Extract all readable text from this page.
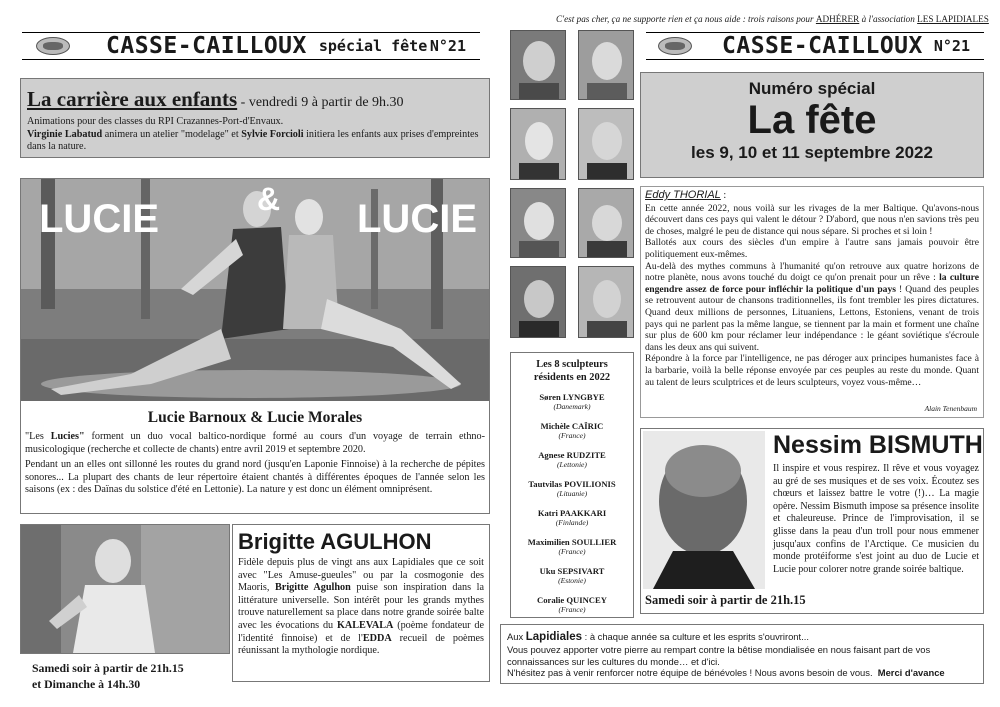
C'est pas cher, ça ne supporte rien et ça nous aide : trois raisons pour ADHÉRER à l'association LES LAPIDIALES
CASSE-CAILLOUX spécial fête N°21
La carrière aux enfants - vendredi 9 à partir de 9h.30
Animations pour des classes du RPI Crazannes-Port-d'Envaux.
Virginie Labatud animera un atelier "modelage" et Sylvie Forcioli initiera les enfants aux prises d'empreintes dans la nature.
LUCIE	& LUCIE
Lucie Barnoux & Lucie Morales
"Les Lucies" forment un duo vocal baltico-nordique formé au cours d'un voyage de terrain ethno-musicologique (recherche et collecte de chants) entre avril 2019 et septembre 2020.
Pendant un an elles ont sillonné les routes du grand nord (jusqu'en Laponie Finnoise) à la recherche de pépites sonores... La plupart des chants de leur répertoire étaient chantés à différentes époques de l'année selon les saisons (ex : des Daïnas du solstice d'été en Lettonie). La nature y est donc un élément omniprésent.
Samedi soir à partir de 21h.15
et Dimanche à 14h.30
Brigitte AGULHON
Fidèle depuis plus de vingt ans aux Lapidiales que ce soit avec "Les Amuse-gueules" ou par la cosmogonie des Maoris, Brigitte Agulhon puise son inspiration dans la littérature universelle. Son intérêt pour les grands mythes trouve naturellement sa place dans notre grande soirée balte avec les évocations du KALEVALA (poème fondateur de l'identité finnoise) et de l'EDDA recueil de poèmes réunissant la mythologie nordique.
Les 8 sculpteurs
résidents en 2022
Søren LYNGBYE
(Danemark)
Michèle CAÏRIC
(France)
Agnese RUDZITE
(Lettonie)
Tautvilas POVILIONIS
(Lituanie)
Katri PAAKKARI
(Finlande)
Maximilien SOULLIER
(France)
Uku SEPSIVART
(Estonie)
Coralie QUINCEY
(France)
CASSE-CAILLOUX N°21
Numéro spécial
La fête
les 9, 10 et 11 septembre 2022
Eddy THORIAL :
En cette année 2022, nous voilà sur les rivages de la mer Baltique. Qu'avons-nous découvert dans ces pays qui valent le détour ? D'abord, que nous n'en savions très peu de choses, malgré le peu de distance qui nous sépare. Si proches et si loin !
Ballotés aux cours des siècles d'un empire à l'autre sans jamais pouvoir être politiquement eux-mêmes.
Au-delà des mythes communs à l'humanité qu'on retrouve aux quatre horizons de notre planète, nous avons touché du doigt ce qu'on prenait pour un rêve : la culture engendre assez de force pour infléchir la politique d'un pays ! Quand des peuples se retrouvent autour de chansons traditionnelles, ils font trembler les pires dictatures. Quand deux millions de personnes, Lituaniens, Lettons, Estoniens, venant de trois pays qui ne parlent pas la même langue, se tiennent par la main et forment une chaîne sur plus de 600 km pour réclamer leur indépendance : le géant soviétique s'écroule dans les deux ans qui suivent.
Répondre à la force par l'intelligence, ne pas déroger aux principes humanistes face à la barbarie, voilà la belle réponse envoyée par ces peuples au reste du monde. Quant au talent de leurs sculptrices et de leurs sculpteurs, voyez vous-même…
Alain Tenenbaum
Samedi soir à partir de 21h.15
Nessim BISMUTH
Il inspire et vous respirez. Il rêve et vous voyagez au gré de ses musiques et de ses voix. Écoutez ses chœurs et laissez battre le votre (!)… La magie opère. Nessim Bismuth impose sa présence insolite et chaleureuse. Prince de l'improvisation, il se glisse dans la peau d'un troll pour nous emmener jusqu'aux confins de l'Arctique. Ce musicien du monde protéiforme s'est joint au duo de Lucie et Lucie pour colorer notre grande soirée baltique.
Aux Lapidiales : à chaque année sa culture et les esprits s'ouvriront...
Vous pouvez apporter votre pierre au rempart contre la bêtise mondialisée en nous faisant part de vos connaissances sur les cultures du monde… et d'ici.
N'hésitez pas à venir renforcer notre équipe de bénévoles ! Nous avons besoin de vous. Merci d'avance
